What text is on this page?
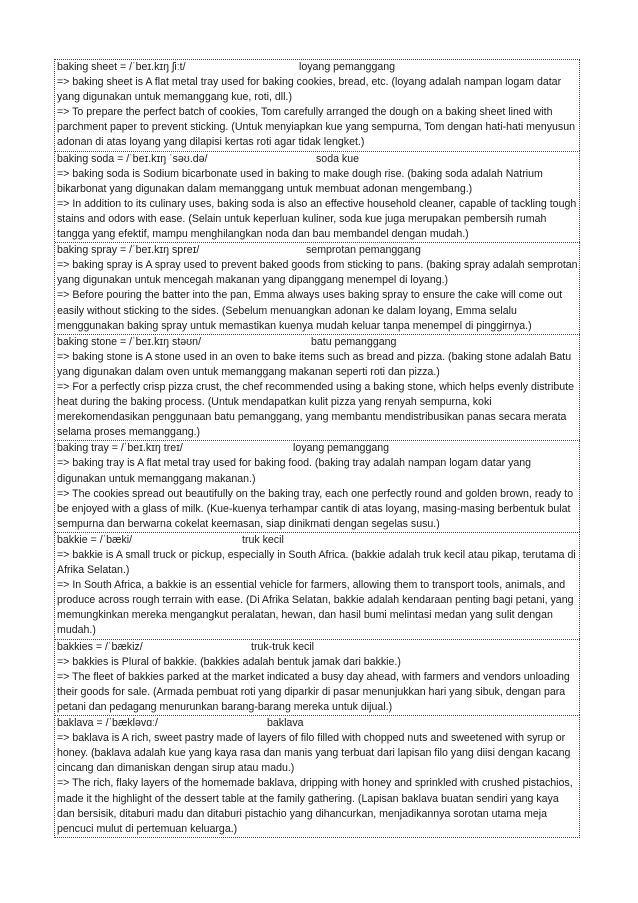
baking sheet = /ˈbeɪ.kɪŋ ʃiːt/	loyang pemanggang

=> baking sheet is A flat metal tray used for baking cookies, bread, etc. (loyang adalah nampan logam datar yang digunakan untuk memanggang kue, roti, dll.)

=> To prepare the perfect batch of cookies, Tom carefully arranged the dough on a baking sheet lined with parchment paper to prevent sticking. (Untuk menyiapkan kue yang sempurna, Tom dengan hati-hati menyusun adonan di atas loyang yang dilapisi kertas roti agar tidak lengket.)

baking soda = /ˈbeɪ.kɪŋ ˈsəʊ.də/	soda kue

=> baking soda is Sodium bicarbonate used in baking to make dough rise. (baking soda adalah Natrium bikarbonat yang digunakan dalam memanggang untuk membuat adonan mengembang.)

=> In addition to its culinary uses, baking soda is also an effective household cleaner, capable of tackling tough stains and odors with ease. (Selain untuk keperluan kuliner, soda kue juga merupakan pembersih rumah tangga yang efektif, mampu menghilangkan noda dan bau membandel dengan mudah.)

baking spray = /ˈbeɪ.kɪŋ spreɪ/	semprotan pemanggang

=> baking spray is A spray used to prevent baked goods from sticking to pans. (baking spray adalah semprotan yang digunakan untuk mencegah makanan yang dipanggang menempel di loyang.)

=> Before pouring the batter into the pan, Emma always uses baking spray to ensure the cake will come out easily without sticking to the sides. (Sebelum menuangkan adonan ke dalam loyang, Emma selalu menggunakan baking spray untuk memastikan kuenya mudah keluar tanpa menempel di pinggirnya.)

baking stone = /ˈbeɪ.kɪŋ stəʊn/	batu pemanggang

=> baking stone is A stone used in an oven to bake items such as bread and pizza. (baking stone adalah Batu yang digunakan dalam oven untuk memanggang makanan seperti roti dan pizza.)

=> For a perfectly crisp pizza crust, the chef recommended using a baking stone, which helps evenly distribute heat during the baking process. (Untuk mendapatkan kulit pizza yang renyah sempurna, koki merekomendasikan penggunaan batu pemanggang, yang membantu mendistribusikan panas secara merata selama proses memanggang.)

baking tray = /ˈbeɪ.kɪŋ treɪ/	loyang pemanggang

=> baking tray is A flat metal tray used for baking food. (baking tray adalah nampan logam datar yang digunakan untuk memanggang makanan.)

=> The cookies spread out beautifully on the baking tray, each one perfectly round and golden brown, ready to be enjoyed with a glass of milk. (Kue-kuenya terhampar cantik di atas loyang, masing-masing berbentuk bulat sempurna dan berwarna cokelat keemasan, siap dinikmati dengan segelas susu.)

bakkie = /ˈbæki/	truk kecil

=> bakkie is A small truck or pickup, especially in South Africa. (bakkie adalah truk kecil atau pikap, terutama di Afrika Selatan.)

=> In South Africa, a bakkie is an essential vehicle for farmers, allowing them to transport tools, animals, and produce across rough terrain with ease. (Di Afrika Selatan, bakkie adalah kendaraan penting bagi petani, yang memungkinkan mereka mengangkut peralatan, hewan, dan hasil bumi melintasi medan yang sulit dengan mudah.)

bakkies = /ˈbækiz/	truk-truk kecil

=> bakkies is Plural of bakkie. (bakkies adalah bentuk jamak dari bakkie.)

=> The fleet of bakkies parked at the market indicated a busy day ahead, with farmers and vendors unloading their goods for sale. (Armada pembuat roti yang diparkir di pasar menunjukkan hari yang sibuk, dengan para petani dan pedagang menurunkan barang-barang mereka untuk dijual.)

baklava = /ˈbækləvɑː/	baklava

=> baklava is A rich, sweet pastry made of layers of filo filled with chopped nuts and sweetened with syrup or honey. (baklava adalah kue yang kaya rasa dan manis yang terbuat dari lapisan filo yang diisi dengan kacang cincang dan dimaniskan dengan sirup atau madu.)

=> The rich, flaky layers of the homemade baklava, dripping with honey and sprinkled with crushed pistachios, made it the highlight of the dessert table at the family gathering. (Lapisan baklava buatan sendiri yang kaya dan bersisik, ditaburi madu dan ditaburi pistachio yang dihancurkan, menjadikannya sorotan utama meja pencuci mulut di pertemuan keluarga.)
